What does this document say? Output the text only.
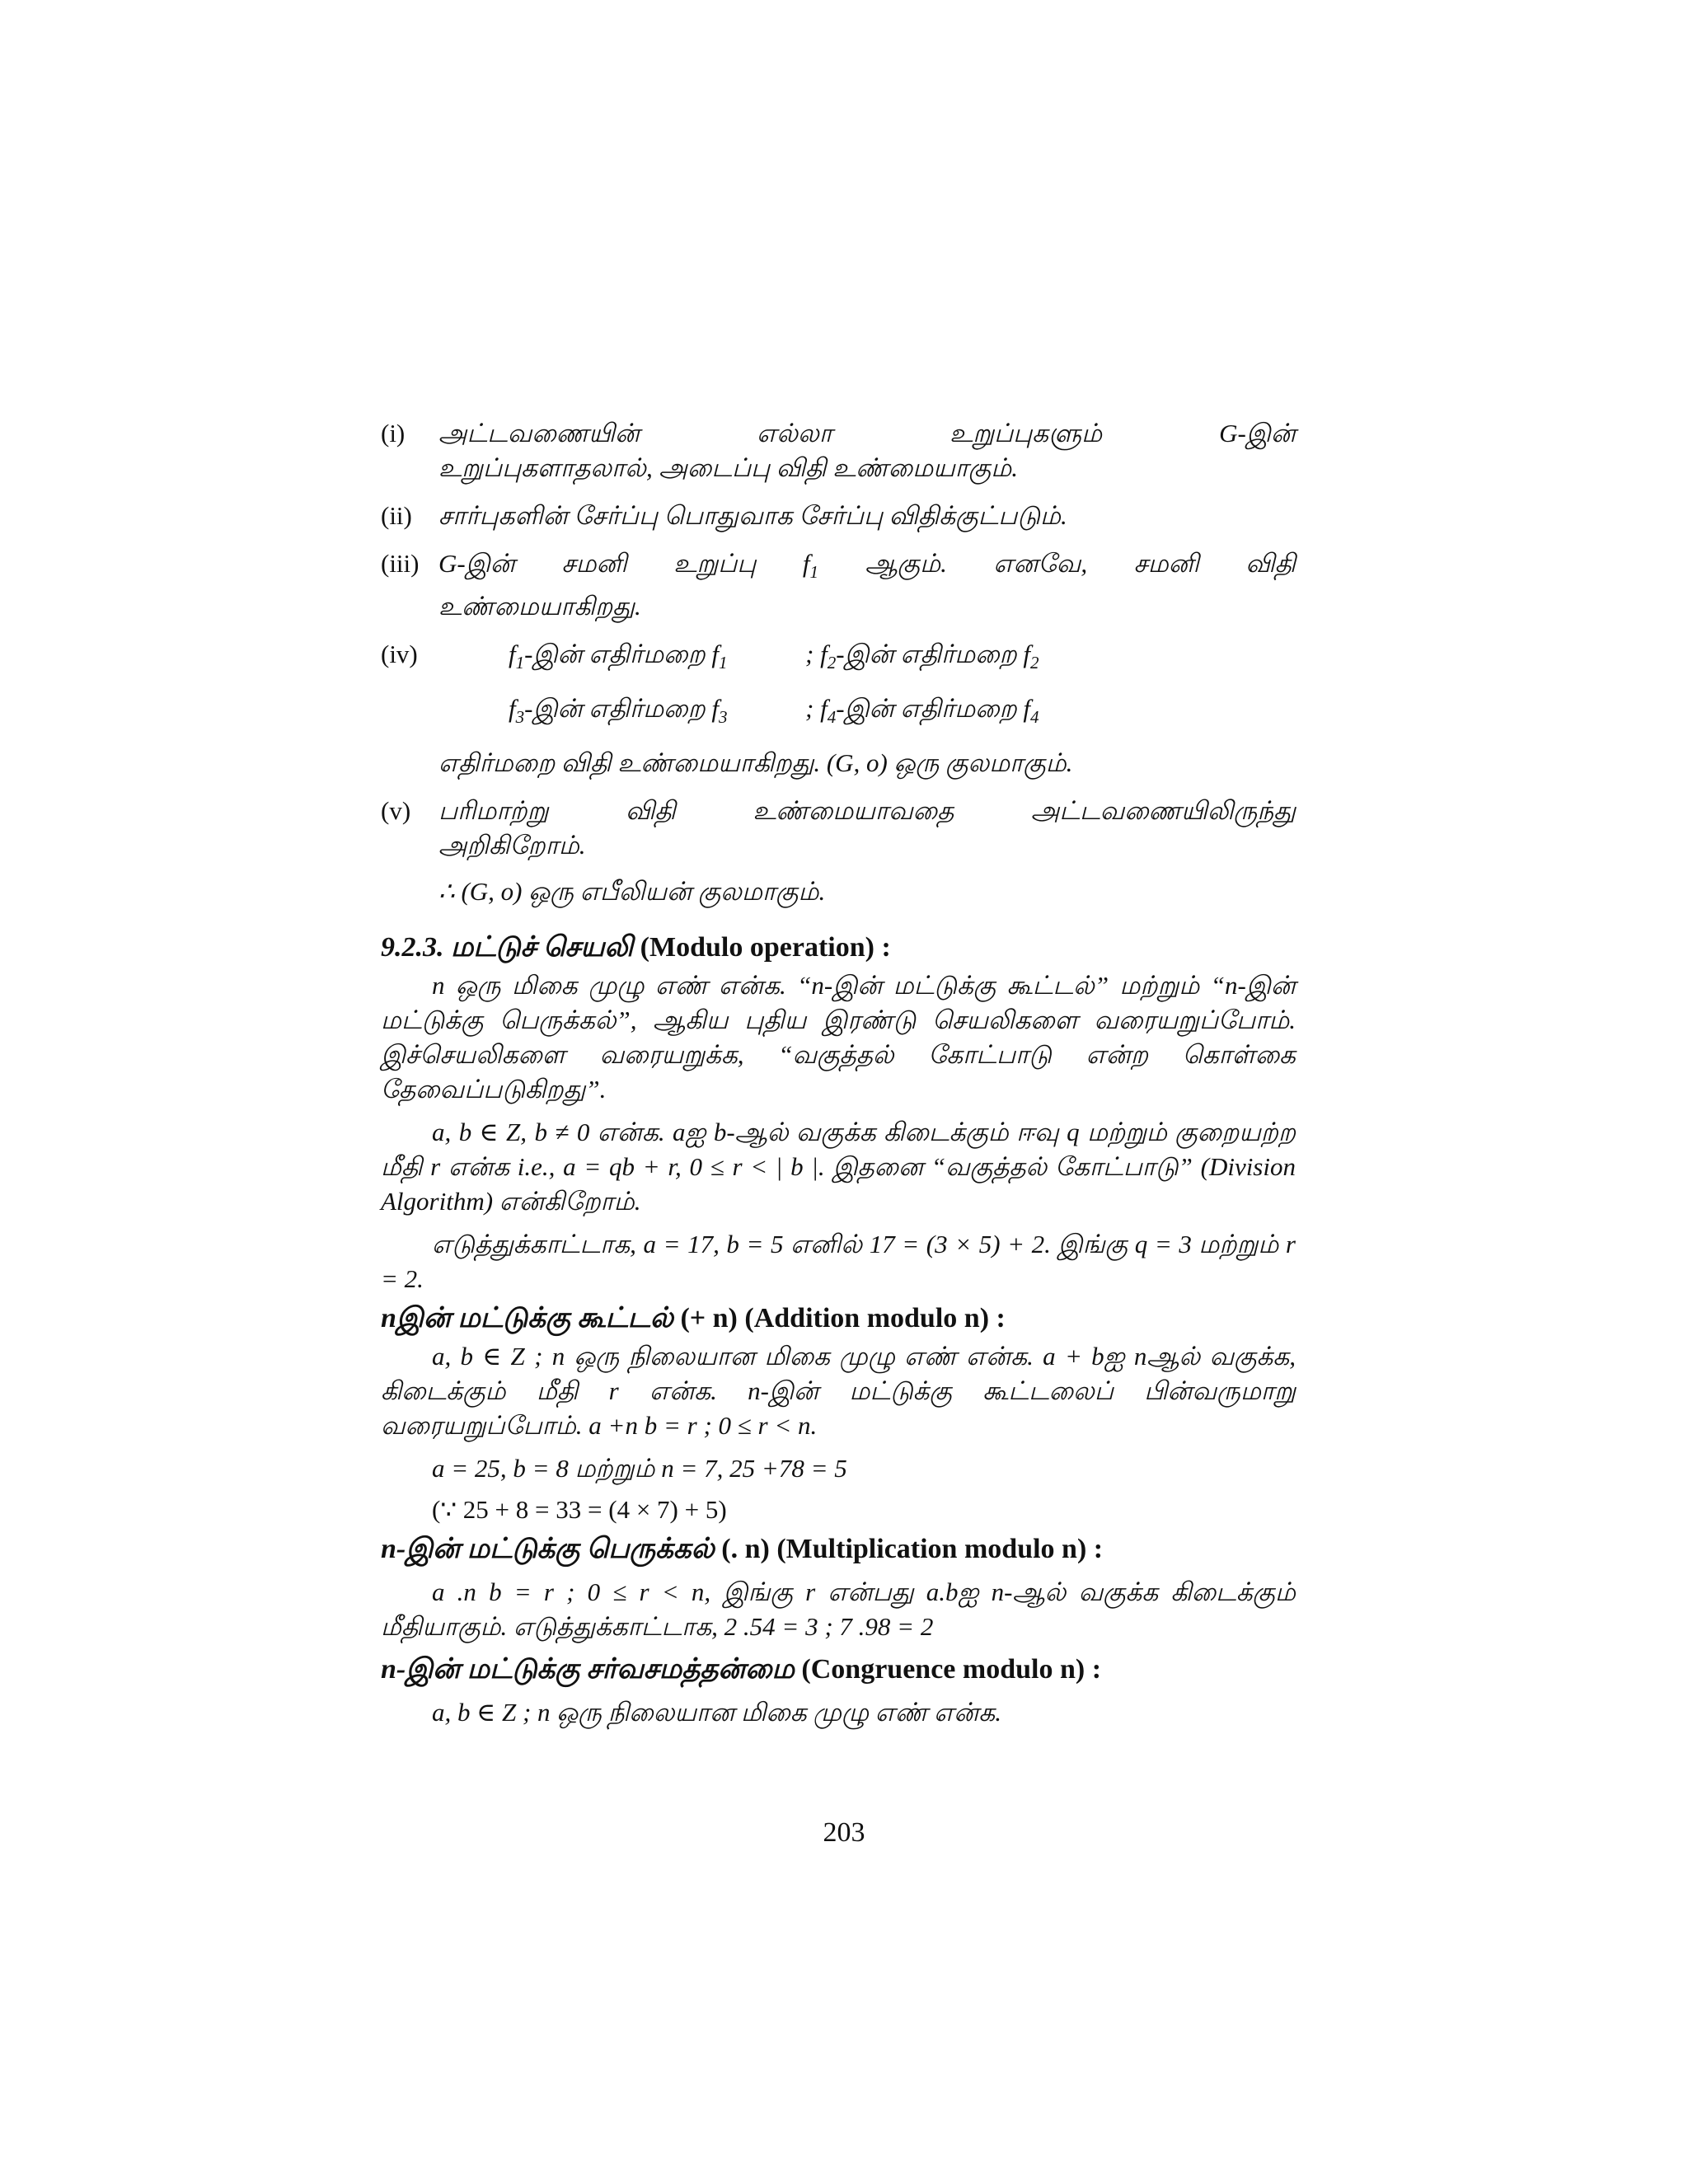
(i) அட்டவணையின்	எல்லா	உறுப்புகளும்	G-இன்
உறுப்புகளாதலால், அடைப்பு விதி உண்மையாகும்.
(ii) சார்புகளின் சேர்ப்பு பொதுவாக சேர்ப்பு விதிக்குட்படும்.
(iii) G-இன் சமனி உறுப்பு $f_1$ ஆகும். எனவே, சமனி விதி
உண்மையாகிறது.
(iv)	$f_1-இன்$ எதிர்மறை $f_1$	; $f_2-இன்$ எதிர்மறை $f_2$
$f_3-இன்$ எதிர்மறை $f_3$	; $f_4-இன்$ எதிர்மறை $f_4$
எதிர்மறை விதி உண்மையாகிறது. (G, o) ஒரு குலமாகும்.
(v) பரிமாற்று	விதி	உண்மையாவதை	அட்டவணையிலிருந்து
அறிகிறோம்.
∴ (G, o) ஒரு எபீலியன் குலமாகும்.
9.2.3. மட்டுச் செயலி (Modulo operation) :

n ஒரு மிகை முழு எண் என்க. “n-இன் மட்டுக்கு கூட்டல்” மற்றும் “n-இன் மட்டுக்கு பெருக்கல்”, ஆகிய புதிய இரண்டு செயலிகளை வரையறுப்போம். இச்செயலிகளை வரையறுக்க, “வகுத்தல் கோட்பாடு என்ற கொள்கை தேவைப்படுகிறது”.

a, b ∈ Z, b ≠ 0 என்க. aஐ b-ஆல் வகுக்க கிடைக்கும் ஈவு q மற்றும் குறையற்ற மீதி r என்க i.e., a = qb + r, 0 ≤ r < | b |. இதனை “வகுத்தல் கோட்பாடு” (Division Algorithm) என்கிறோம்.

எடுத்துக்காட்டாக, a = 17, b = 5 எனில் 17 = (3 × 5) + 2. இங்கு q = 3 மற்றும் r = 2.

nஇன் மட்டுக்கு கூட்டல் (+ n) (Addition modulo n) :

a, b ∈ Z ; n ஒரு நிலையான மிகை முழு எண் என்க. a + bஐ nஆல் வகுக்க, கிடைக்கும் மீதி r என்க. n-இன் மட்டுக்கு கூட்டலைப் பின்வருமாறு வரையறுப்போம். a +n b = r ; 0 ≤ r < n.

a = 25, b = 8 மற்றும் n = 7, 25 +78 = 5

(∵ 25 + 8 = 33 = (4 × 7) + 5)

n-இன் மட்டுக்கு பெருக்கல் (. n) (Multiplication modulo n) :

a .n b = r ; 0 ≤ r < n, இங்கு r என்பது a.bஐ n-ஆல் வகுக்க கிடைக்கும் மீதியாகும். எடுத்துக்காட்டாக, 2 .54 = 3 ; 7 .98 = 2

n-இன் மட்டுக்கு சர்வசமத்தன்மை (Congruence modulo n) :

a, b ∈ Z ; n ஒரு நிலையான மிகை முழு எண் என்க.

203
